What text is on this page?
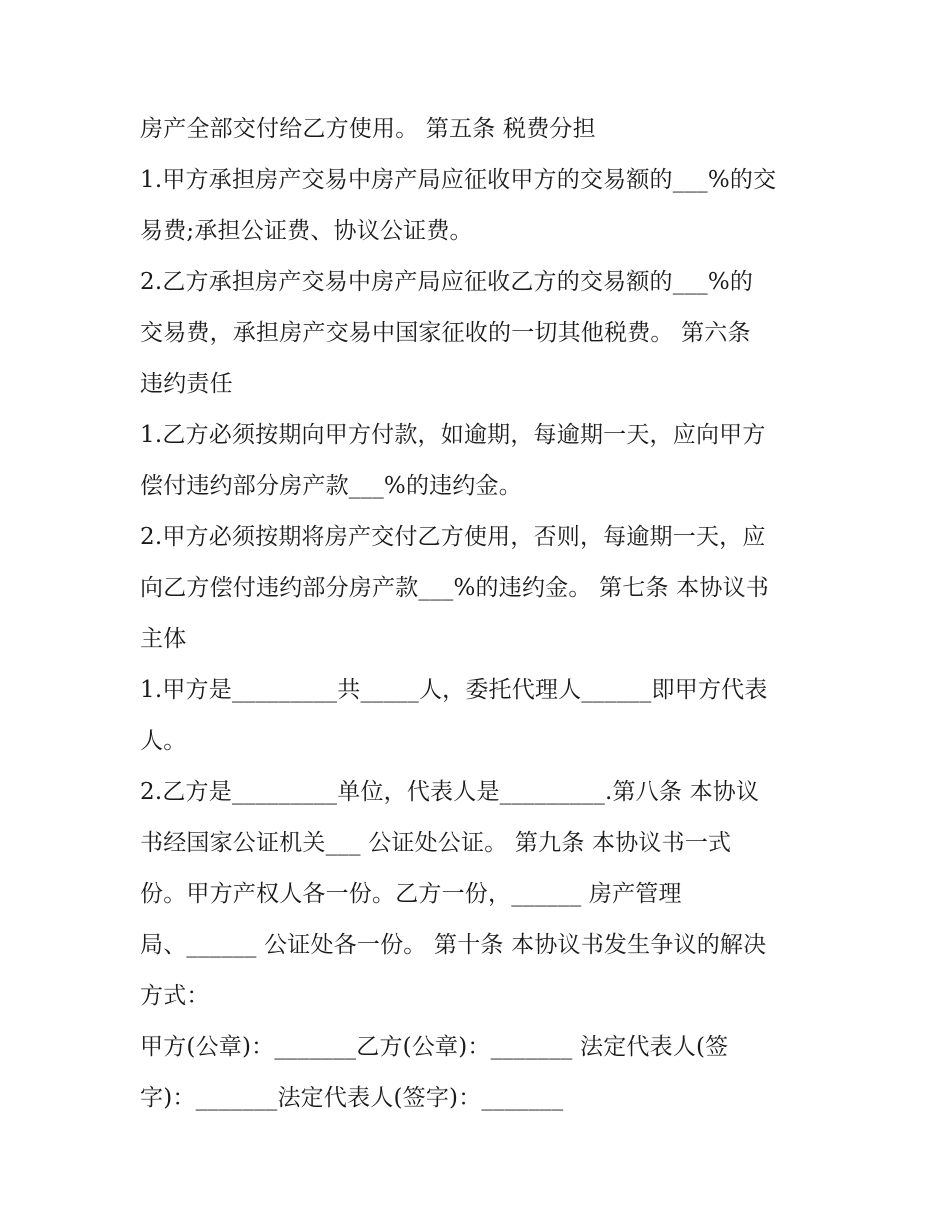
房产全部交付给乙方使用。 第五条 税费分担

1.甲方承担房产交易中房产局应征收甲方的交易额的___%的交

易费;承担公证费、协议公证费。

2.乙方承担房产交易中房产局应征收乙方的交易额的___%的

交易费，承担房产交易中国家征收的一切其他税费。 第六条

违约责任

1.乙方必须按期向甲方付款，如逾期，每逾期一天，应向甲方

偿付违约部分房产款___%的违约金。

2.甲方必须按期将房产交付乙方使用，否则，每逾期一天，应

向乙方偿付违约部分房产款___%的违约金。 第七条 本协议书

主体

1.甲方是_________共_____人，委托代理人______即甲方代表

人。

2.乙方是_________单位，代表人是_________.第八条 本协议

书经国家公证机关___ 公证处公证。 第九条 本协议书一式

份。甲方产权人各一份。乙方一份，______ 房产管理

局、______ 公证处各一份。 第十条 本协议书发生争议的解决

方式：

甲方(公章)：_______乙方(公章)：_______ 法定代表人(签

字)：_______法定代表人(签字)：_______
